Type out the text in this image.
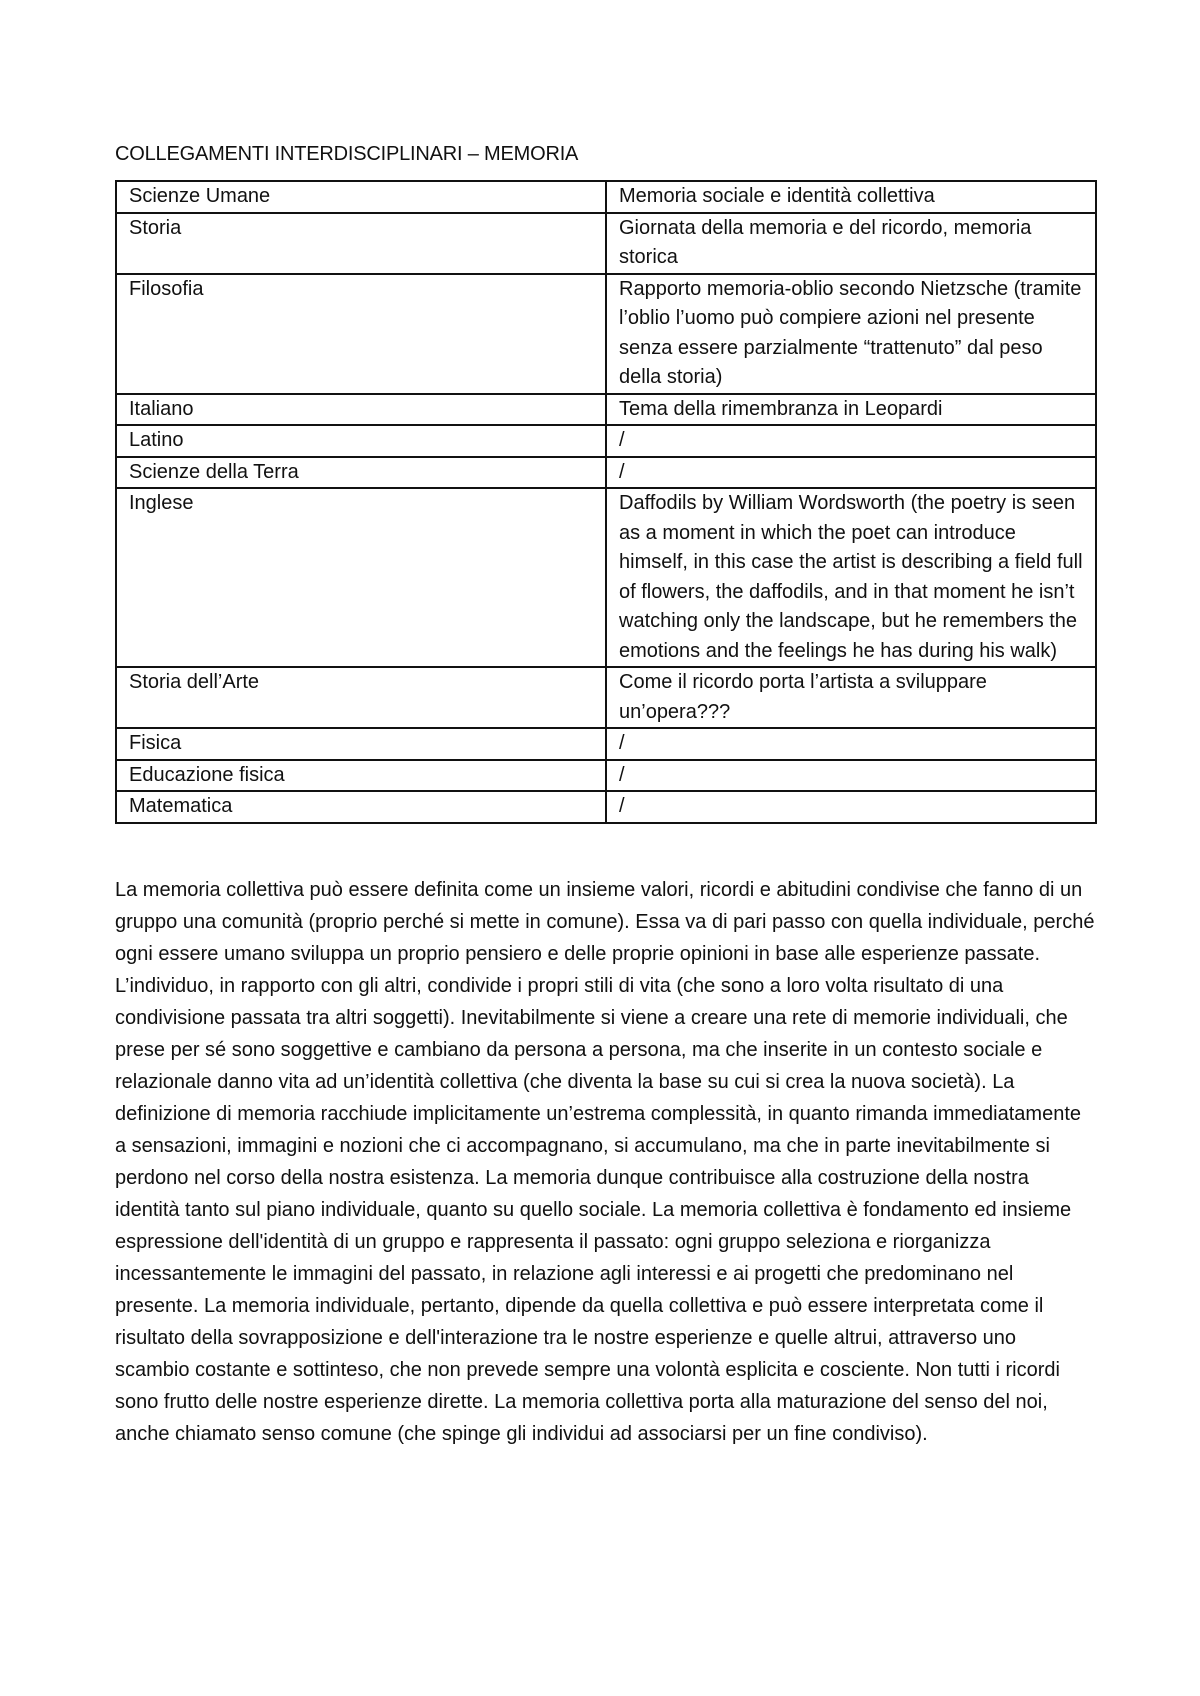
COLLEGAMENTI INTERDISCIPLINARI – MEMORIA
Scienze Umane	Memoria sociale e identità collettiva
Storia	Giornata della memoria e del ricordo, memoria storica
Filosofia	Rapporto memoria-oblio secondo Nietzsche (tramite l’oblio l’uomo può compiere azioni nel presente senza essere parzialmente “trattenuto” dal peso della storia)
Italiano	Tema della rimembranza in Leopardi
Latino	/
Scienze della Terra	/
Inglese	Daffodils by William Wordsworth (the poetry is seen as a moment in which the poet can introduce himself, in this case the artist is describing a field full of flowers, the daffodils, and in that moment he isn’t watching only the landscape, but he remembers the emotions and the feelings he has during his walk)
Storia dell’Arte	Come il ricordo porta l’artista a sviluppare un’opera???
Fisica	/
Educazione fisica	/
Matematica	/

La memoria collettiva può essere definita come un insieme valori, ricordi e abitudini condivise che fanno di un gruppo una comunità (proprio perché si mette in comune). Essa va di pari passo con quella individuale, perché ogni essere umano sviluppa un proprio pensiero e delle proprie opinioni in base alle esperienze passate. L’individuo, in rapporto con gli altri, condivide i propri stili di vita (che sono a loro volta risultato di una condivisione passata tra altri soggetti). Inevitabilmente si viene a creare una rete di memorie individuali, che prese per sé sono soggettive e cambiano da persona a persona, ma che inserite in un contesto sociale e relazionale danno vita ad un’identità collettiva (che diventa la base su cui si crea la nuova società). La definizione di memoria racchiude implicitamente un’estrema complessità, in quanto rimanda immediatamente a sensazioni, immagini e nozioni che ci accompagnano, si accumulano, ma che in parte inevitabilmente si perdono nel corso della nostra esistenza. La memoria dunque contribuisce alla costruzione della nostra identità tanto sul piano individuale, quanto su quello sociale. La memoria collettiva è fondamento ed insieme espressione dell'identità di un gruppo e rappresenta il passato: ogni gruppo seleziona e riorganizza incessantemente le immagini del passato, in relazione agli interessi e ai progetti che predominano nel presente. La memoria individuale, pertanto, dipende da quella collettiva e può essere interpretata come il risultato della sovrapposizione e dell'interazione tra le nostre esperienze e quelle altrui, attraverso uno scambio costante e sottinteso, che non prevede sempre una volontà esplicita e cosciente. Non tutti i ricordi sono frutto delle nostre esperienze dirette. La memoria collettiva porta alla maturazione del senso del noi, anche chiamato senso comune (che spinge gli individui ad associarsi per un fine condiviso).
